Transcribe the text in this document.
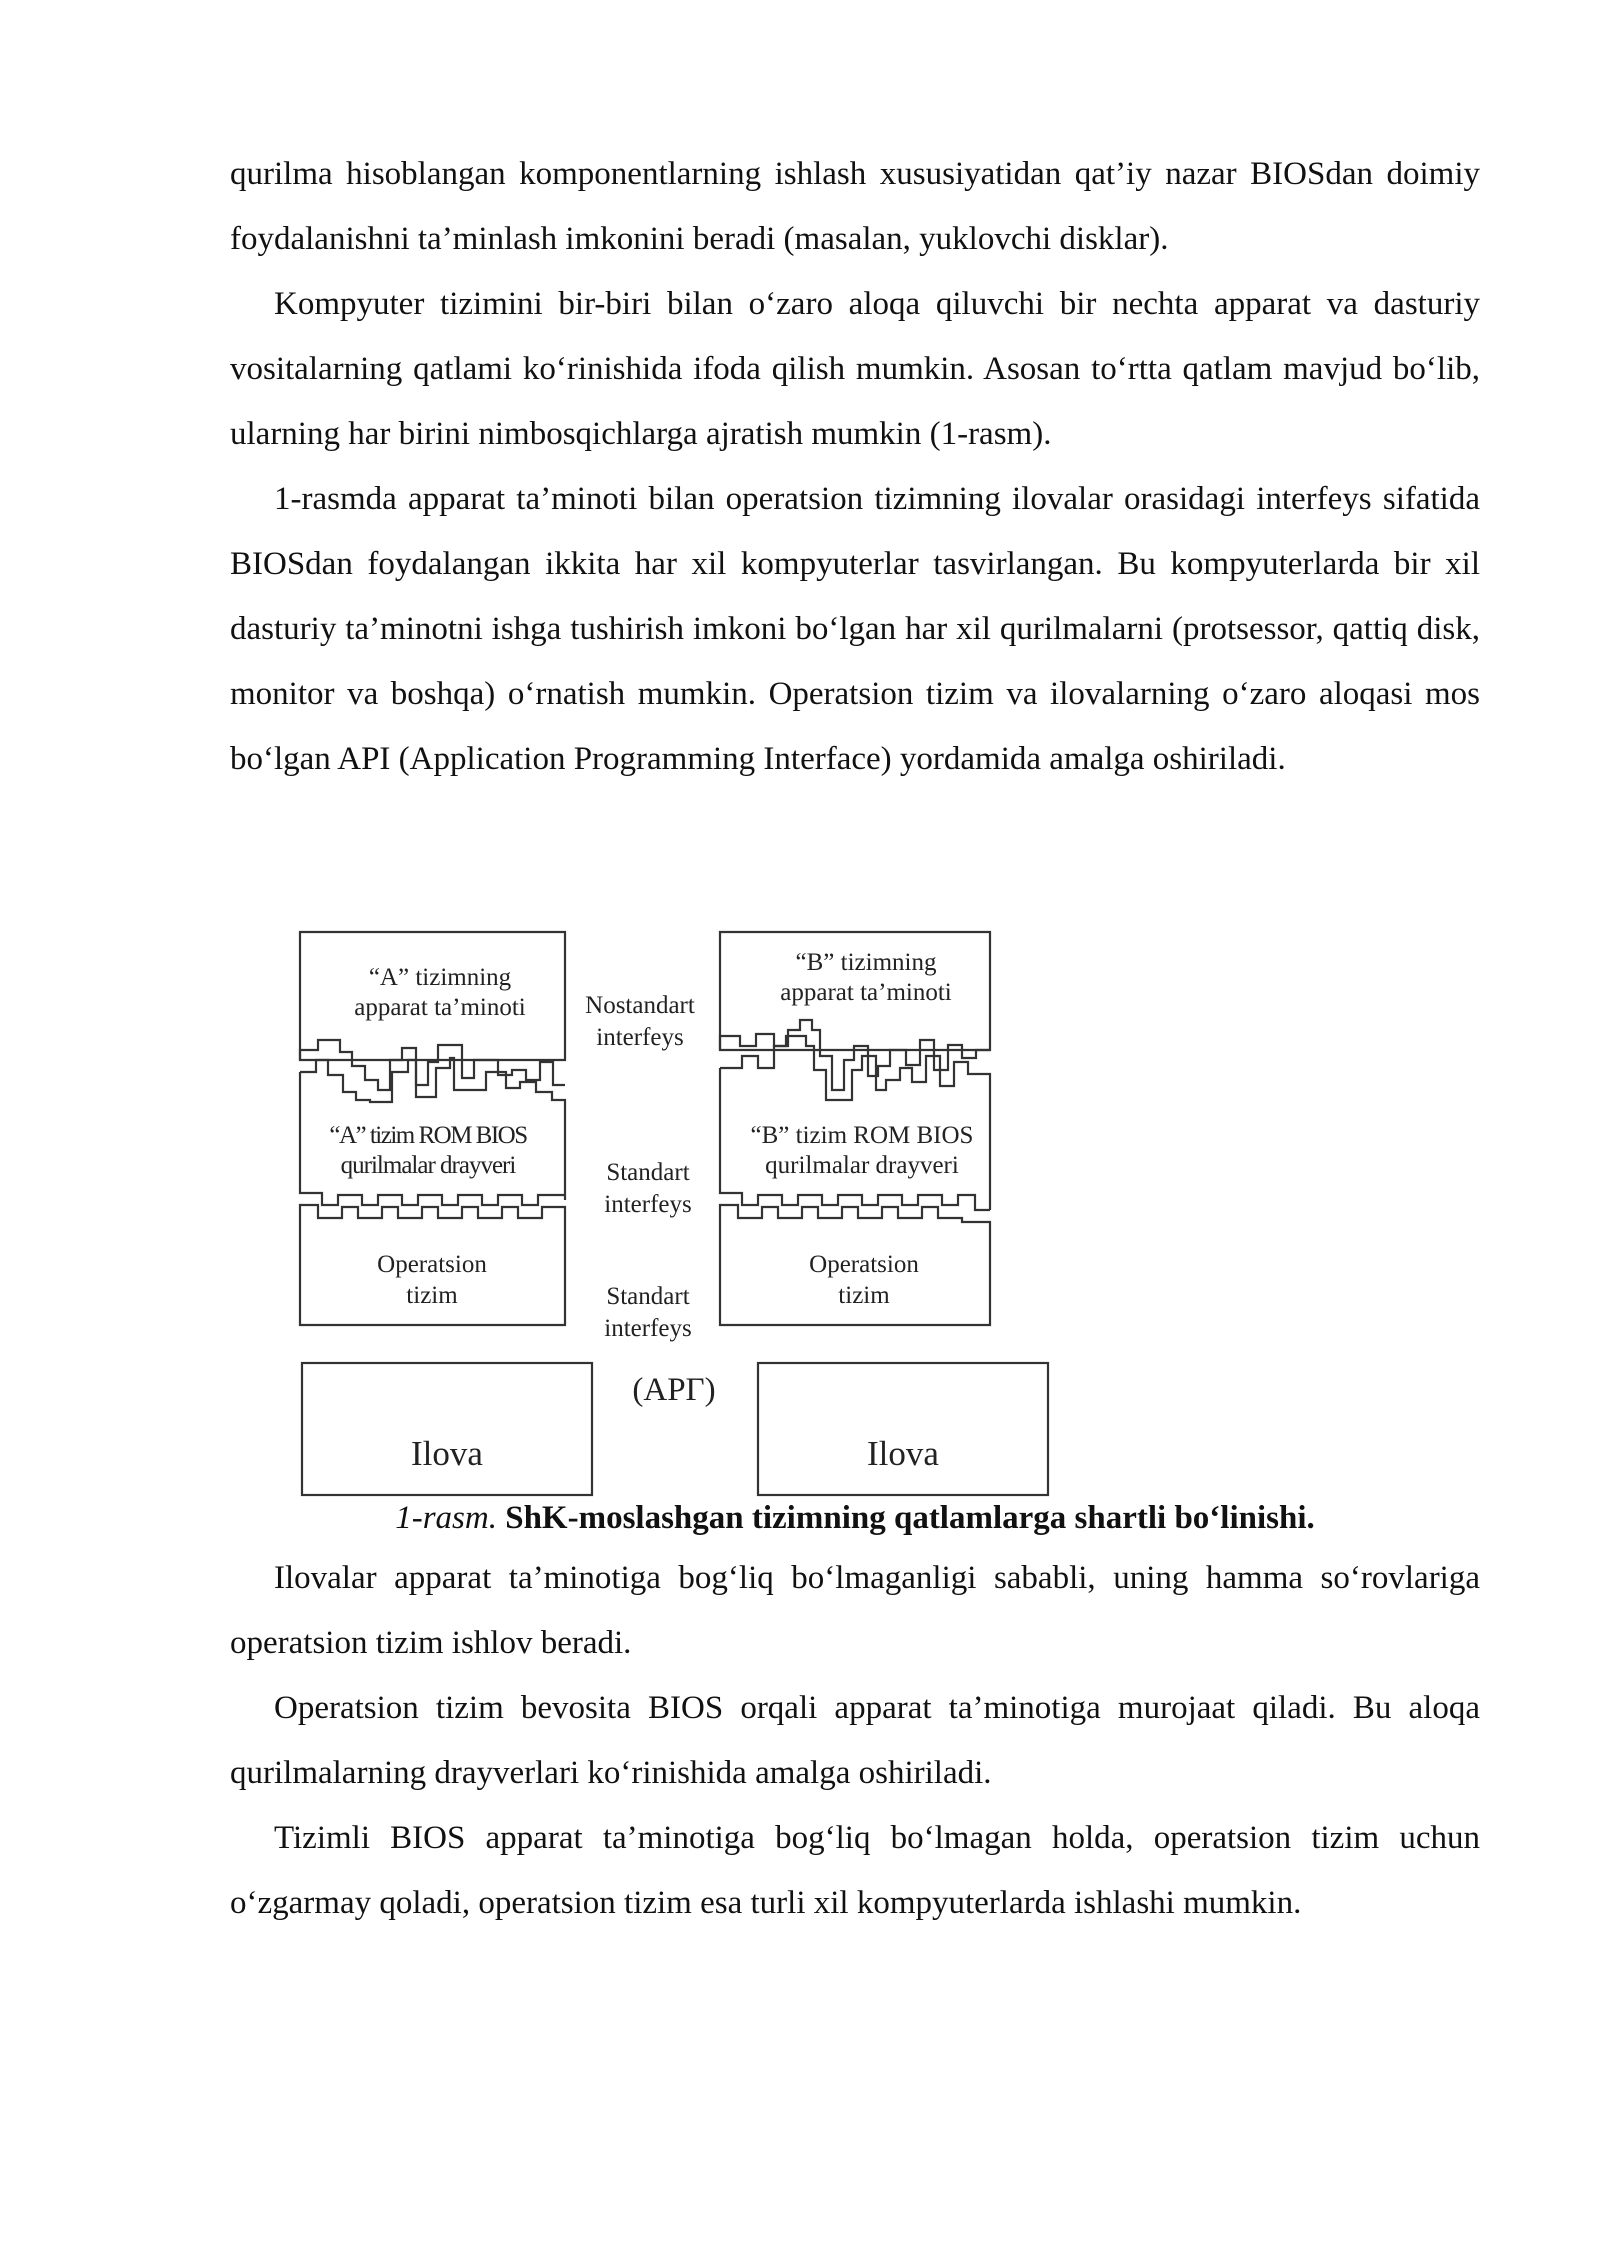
qurilma hisoblangan komponentlarning ishlash xususiyatidan qat’iy nazar BIOSdan doimiy foydalanishni ta’minlash imkonini beradi (masalan, yuklovchi disklar).

Kompyuter tizimini bir-biri bilan o‘zaro aloqa qiluvchi bir nechta apparat va dasturiy vositalarning qatlami ko‘rinishida ifoda qilish mumkin. Asosan to‘rtta qatlam mavjud bo‘lib, ularning har birini nimbosqichlarga ajratish mumkin (1-rasm).

1-rasmda apparat ta’minoti bilan operatsion tizimning ilovalar orasidagi interfeys sifatida BIOSdan foydalangan ikkita har xil kompyuterlar tasvirlangan. Bu kompyuterlarda bir xil dasturiy ta’minotni ishga tushirish imkoni bo‘lgan har xil qurilmalarni (protsessor, qattiq disk, monitor va boshqa) o‘rnatish mumkin. Operatsion tizim va ilovalarning o‘zaro aloqasi mos bo‘lgan API (Application Programming Interface) yordamida amalga oshiriladi.

“A” tizimning
apparat ta’minoti
“B” tizimning
apparat ta’minoti
Nostandart
interfeys
“A” tizim ROM BIOS
qurilmalar drayveri
“B” tizim ROM BIOS
qurilmalar drayveri
Standart
interfeys
Operatsion
tizim
Operatsion
tizim
Standart
interfeys
(АРГ)
Ilova	Ilova
1-rasm. ShK-moslashgan tizimning qatlamlarga shartli bo‘linishi.

Ilovalar apparat ta’minotiga bog‘liq bo‘lmaganligi sababli, uning hamma so‘rovlariga operatsion tizim ishlov beradi.

Operatsion tizim bevosita BIOS orqali apparat ta’minotiga murojaat qiladi. Bu aloqa qurilmalarning drayverlari ko‘rinishida amalga oshiriladi.

Tizimli BIOS apparat ta’minotiga bog‘liq bo‘lmagan holda, operatsion tizim uchun o‘zgarmay qoladi, operatsion tizim esa turli xil kompyuterlarda ishlashi mumkin.
